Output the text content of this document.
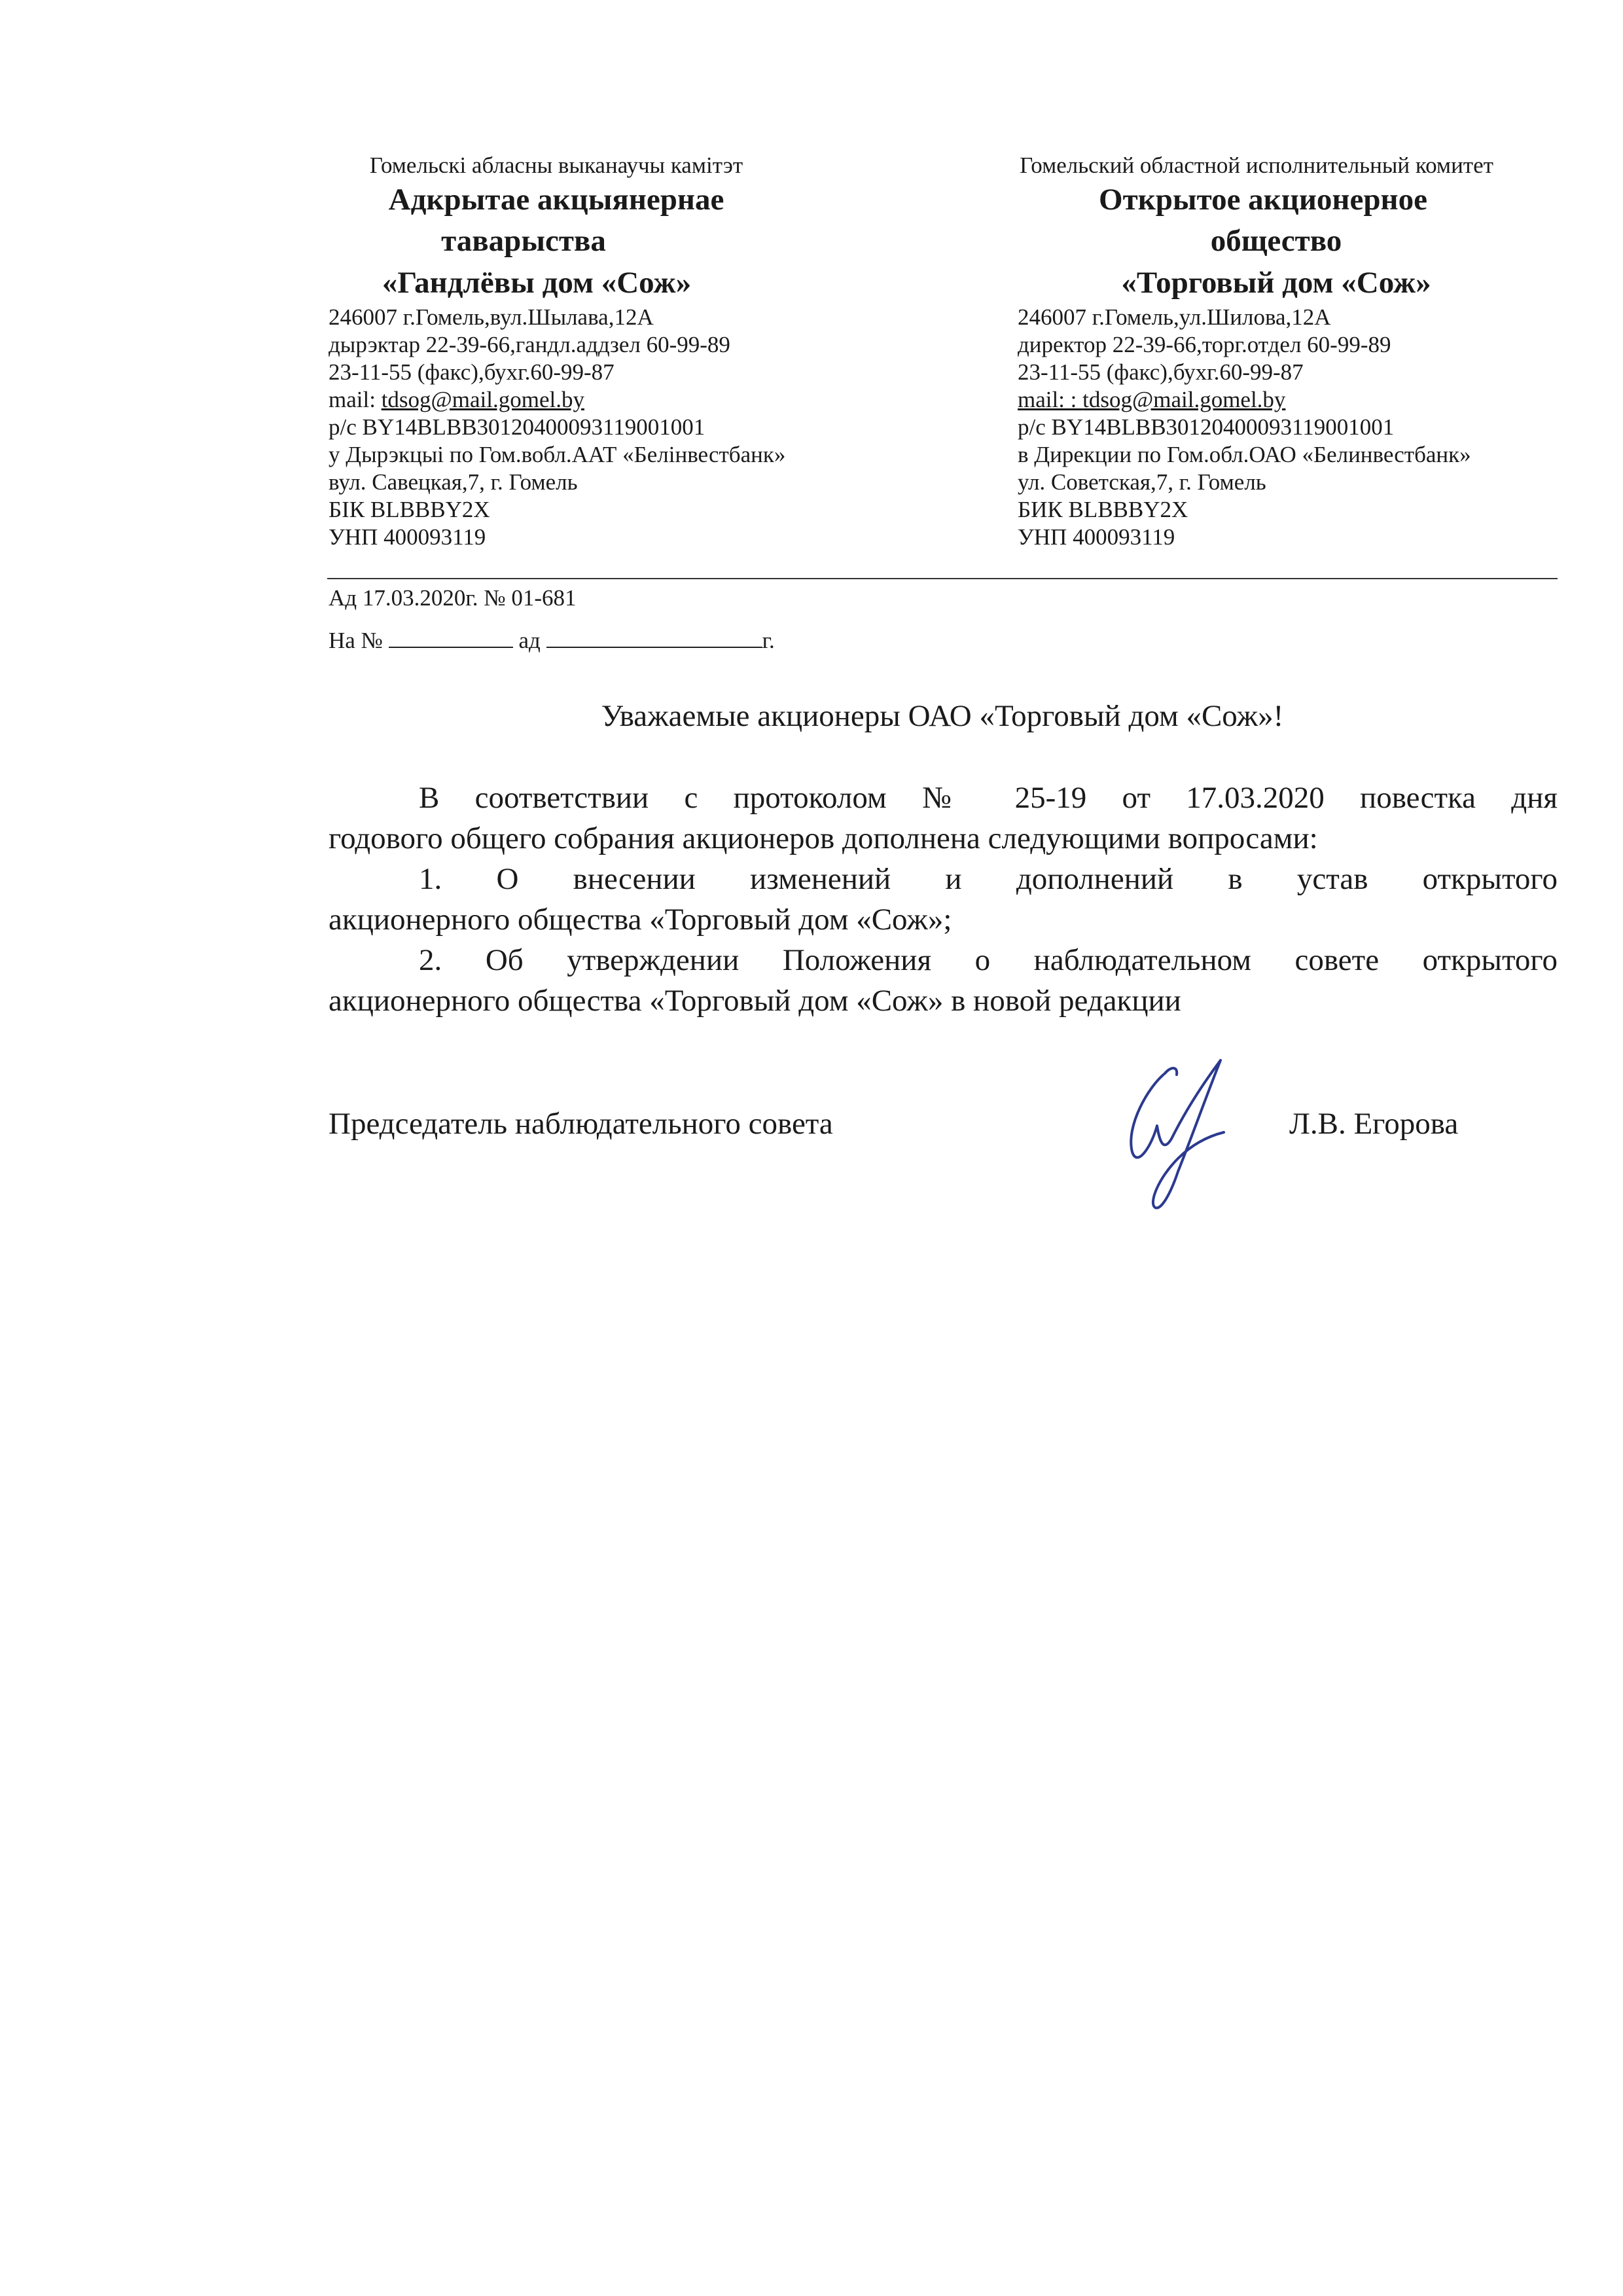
Гомельскі абласны выканаучы камітэт
Адкрытае акцыянернае
таварыства
«Гандлёвы дом «Сож»
246007 г.Гомель,вул.Шылава,12А
дырэктар 22-39-66,гандл.аддзел 60-99-89
23-11-55 (факс),бухг.60-99-87
mail: tdsog@mail.gomel.by
р/с BY14BLBB30120400093119001001
у Дырэкцыі по Гом.вобл.ААТ «Белінвестбанк»
вул. Савецкая,7, г. Гомель
БІК BLBBBY2X
УНП 400093119
Гомельский областной исполнительный комитет
Открытое акционерное
общество
«Торговый дом «Сож»
246007 г.Гомель,ул.Шилова,12А
директор 22-39-66,торг.отдел 60-99-89
23-11-55 (факс),бухг.60-99-87
mail: : tdsog@mail.gomel.by
р/с BY14BLBB30120400093119001001
в Дирекции по Гом.обл.ОАО «Белинвестбанк»
ул. Советская,7, г. Гомель
БИК BLBBBY2X
УНП 400093119
Ад 17.03.2020г. № 01-681
На №	ад	г.
Уважаемые акционеры ОАО «Торговый дом «Сож»!
В соответствии с протоколом № 25-19 от 17.03.2020 повестка дня
годового общего собрания акционеров дополнена следующими вопросами:
1. О внесении изменений и дополнений в устав открытого
акционерного общества «Торговый дом «Сож»;
2. Об утверждении Положения о наблюдательном совете открытого
акционерного общества «Торговый дом «Сож» в новой редакции
Председатель наблюдательного совета	Л.В. Егорова
